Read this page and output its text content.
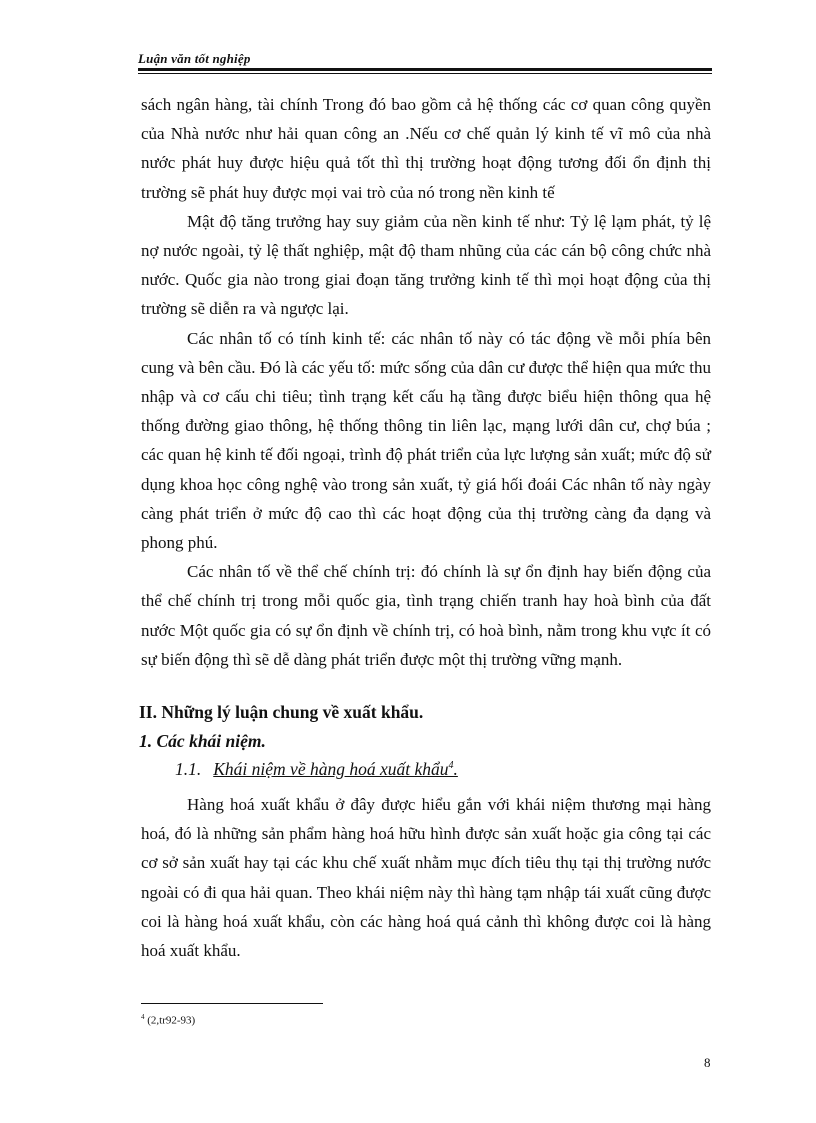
Luận văn tốt nghiệp

sách ngân hàng, tài chính Trong đó bao gồm cả hệ thống các cơ quan công quyền của Nhà nước như hải quan công an .Nếu cơ chế quản lý kinh tế vĩ mô của nhà nước phát huy được hiệu quả tốt thì thị trường hoạt động tương đối ổn định thị trường sẽ phát huy được mọi vai trò của nó trong nền kinh tế

Mật độ tăng trưởng hay suy giảm của nền kinh tế như: Tỷ lệ lạm phát, tỷ lệ nợ nước ngoài, tỷ lệ thất nghiệp, mật độ tham nhũng của các cán bộ công chức nhà nước. Quốc gia nào trong giai đoạn tăng trưởng kinh tế thì mọi hoạt động của thị trường sẽ diễn ra và ngược lại.

Các nhân tố có tính kinh tế: các nhân tố này có tác động về mỗi phía bên cung và bên cầu. Đó là các yếu tố: mức sống của dân cư được thể hiện qua mức thu nhập và cơ cấu chi tiêu; tình trạng kết cấu hạ tầng được biểu hiện thông qua hệ thống đường giao thông, hệ thống thông tin liên lạc, mạng lưới dân cư, chợ búa ; các quan hệ kinh tế đối ngoại, trình độ phát triển của lực lượng sản xuất; mức độ sử dụng khoa học công nghệ vào trong sản xuất, tỷ giá hối đoái Các nhân tố này ngày càng phát triển ở mức độ cao thì các hoạt động của thị trường càng đa dạng và phong phú.

Các nhân tố về thể chế chính trị: đó chính là sự ổn định hay biến động của thể chế chính trị trong mỗi quốc gia, tình trạng chiến tranh hay hoà bình của đất nước Một quốc gia có sự ổn định về chính trị, có hoà bình, nằm trong khu vực ít có sự biến động thì sẽ dễ dàng phát triển được một thị trường vững mạnh.

II. Những lý luận chung về xuất khẩu.
1. Các khái niệm.
1.1. Khái niệm về hàng hoá xuất khẩu$^4$.

Hàng hoá xuất khẩu ở đây được hiểu gắn với khái niệm thương mại hàng hoá, đó là những sản phẩm hàng hoá hữu hình được sản xuất hoặc gia công tại các cơ sở sản xuất hay tại các khu chế xuất nhằm mục đích tiêu thụ tại thị trường nước ngoài có đi qua hải quan. Theo khái niệm này thì hàng tạm nhập tái xuất cũng được coi là hàng hoá xuất khẩu, còn các hàng hoá quá cảnh thì không được coi là hàng hoá xuất khẩu.

$^4$ (2,tr92-93)
8
